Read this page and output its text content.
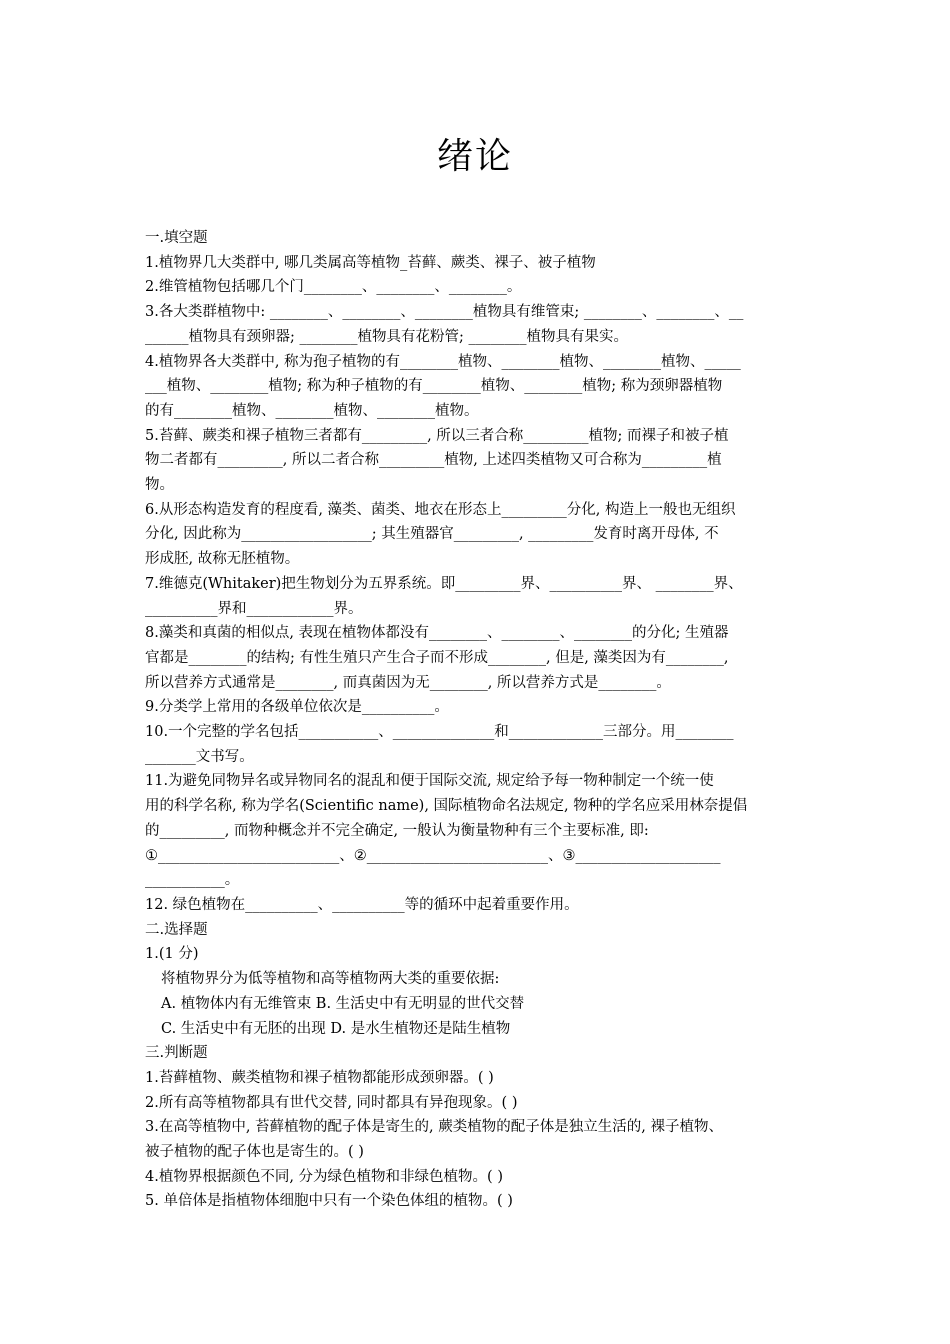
绪论
一.填空题
1.植物界几大类群中, 哪几类属高等植物_苔藓、蕨类、裸子、被子植物
2.维管植物包括哪几个门________、________、________。
3.各大类群植物中: ________、________、________植物具有维管束; ________、________、__
______植物具有颈卵器; ________植物具有花粉管; ________植物具有果实。
4.植物界各大类群中, 称为孢子植物的有________植物、________植物、________植物、_____
___植物、________植物; 称为种子植物的有________植物、________植物; 称为颈卵器植物
的有________植物、________植物、________植物。
5.苔藓、蕨类和裸子植物三者都有_________, 所以三者合称_________植物; 而裸子和被子植
物二者都有_________, 所以二者合称_________植物, 上述四类植物又可合称为_________植
物。
6.从形态构造发育的程度看, 藻类、菌类、地衣在形态上_________分化, 构造上一般也无组织
分化, 因此称为__________________; 其生殖器官_________, _________发育时离开母体, 不
形成胚, 故称无胚植物。
7.维德克(Whitaker)把生物划分为五界系统。即_________界、__________界、 ________界、
__________界和____________界。
8.藻类和真菌的相似点, 表现在植物体都没有________、________、________的分化; 生殖器
官都是________的结构; 有性生殖只产生合子而不形成________, 但是, 藻类因为有________,
所以营养方式通常是________, 而真菌因为无________, 所以营养方式是________。
9.分类学上常用的各级单位依次是__________。
10.一个完整的学名包括___________、______________和_____________三部分。用________
_______文书写。
11.为避免同物异名或异物同名的混乱和便于国际交流, 规定给予每一物种制定一个统一使
用的科学名称, 称为学名(Scientific name), 国际植物命名法规定, 物种的学名应采用林奈提倡
的_________, 而物种概念并不完全确定, 一般认为衡量物种有三个主要标准, 即:
①_________________________、②_________________________、③____________________
___________。
12. 绿色植物在__________、__________等的循环中起着重要作用。
二.选择题
1.(1 分)
将植物界分为低等植物和高等植物两大类的重要依据:
A. 植物体内有无维管束 B. 生活史中有无明显的世代交替
C. 生活史中有无胚的出现 D. 是水生植物还是陆生植物
三.判断题
1.苔藓植物、蕨类植物和裸子植物都能形成颈卵器。( )
2.所有高等植物都具有世代交替, 同时都具有异孢现象。( )
3.在高等植物中, 苔藓植物的配子体是寄生的, 蕨类植物的配子体是独立生活的, 裸子植物、
被子植物的配子体也是寄生的。( )
4.植物界根据颜色不同, 分为绿色植物和非绿色植物。( )
5. 单倍体是指植物体细胞中只有一个染色体组的植物。( )
